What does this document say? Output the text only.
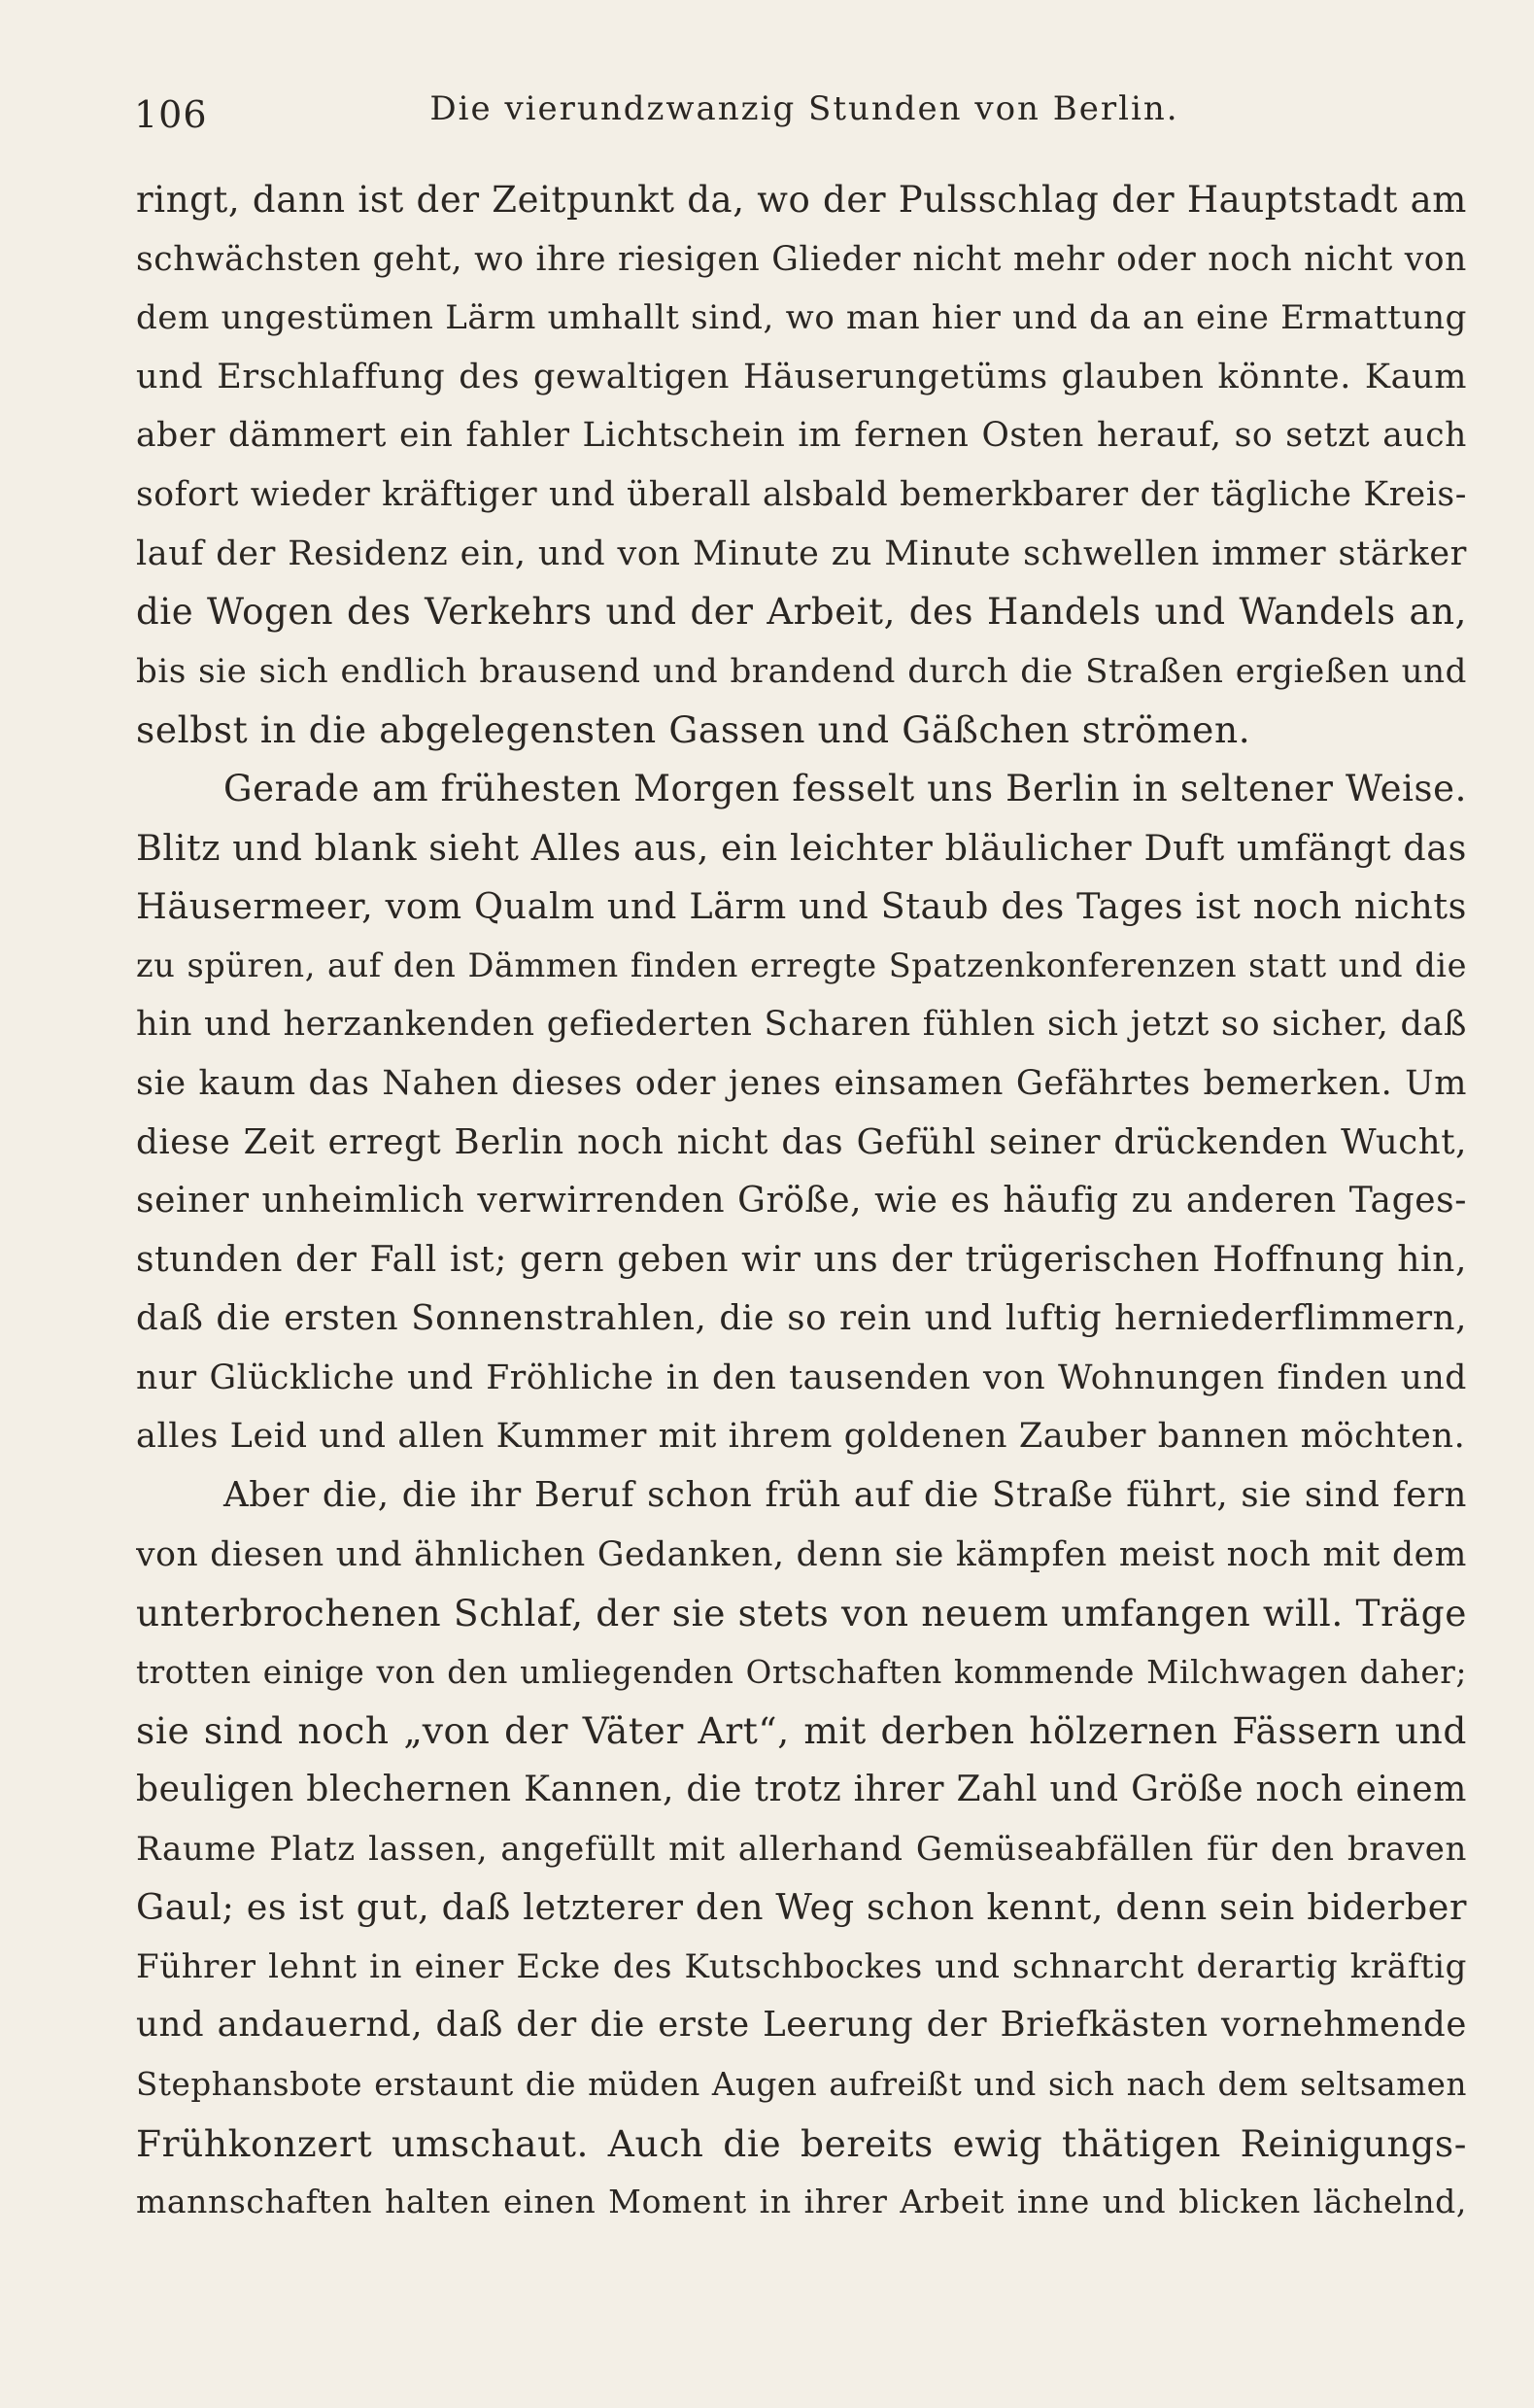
106	Die vierundzwanzig Stunden von Berlin.
ringt, dann ist der Zeitpunkt da, wo der Pulsschlag der Hauptstadt am
schwächsten geht, wo ihre riesigen Glieder nicht mehr oder noch nicht von
dem ungestümen Lärm umhallt sind, wo man hier und da an eine Ermattung
und Erschlaffung des gewaltigen Häuserungetüms glauben könnte. Kaum
aber dämmert ein fahler Lichtschein im fernen Osten herauf, so setzt auch
sofort wieder kräftiger und überall alsbald bemerkbarer der tägliche Kreis-
lauf der Residenz ein, und von Minute zu Minute schwellen immer stärker
die Wogen des Verkehrs und der Arbeit, des Handels und Wandels an,
bis sie sich endlich brausend und brandend durch die Straßen ergießen und
selbst in die abgelegensten Gassen und Gäßchen strömen.
Gerade am frühesten Morgen fesselt uns Berlin in seltener Weise.
Blitz und blank sieht Alles aus, ein leichter bläulicher Duft umfängt das
Häusermeer, vom Qualm und Lärm und Staub des Tages ist noch nichts
zu spüren, auf den Dämmen finden erregte Spatzenkonferenzen statt und die
hin und herzankenden gefiederten Scharen fühlen sich jetzt so sicher, daß
sie kaum das Nahen dieses oder jenes einsamen Gefährtes bemerken. Um
diese Zeit erregt Berlin noch nicht das Gefühl seiner drückenden Wucht,
seiner unheimlich verwirrenden Größe, wie es häufig zu anderen Tages-
stunden der Fall ist; gern geben wir uns der trügerischen Hoffnung hin,
daß die ersten Sonnenstrahlen, die so rein und luftig herniederflimmern,
nur Glückliche und Fröhliche in den tausenden von Wohnungen finden und
alles Leid und allen Kummer mit ihrem goldenen Zauber bannen möchten.
Aber die, die ihr Beruf schon früh auf die Straße führt, sie sind fern
von diesen und ähnlichen Gedanken, denn sie kämpfen meist noch mit dem
unterbrochenen Schlaf, der sie stets von neuem umfangen will. Träge
trotten einige von den umliegenden Ortschaften kommende Milchwagen daher;
sie sind noch „von der Väter Art“, mit derben hölzernen Fässern und
beuligen blechernen Kannen, die trotz ihrer Zahl und Größe noch einem
Raume Platz lassen, angefüllt mit allerhand Gemüseabfällen für den braven
Gaul; es ist gut, daß letzterer den Weg schon kennt, denn sein biderber
Führer lehnt in einer Ecke des Kutschbockes und schnarcht derartig kräftig
und andauernd, daß der die erste Leerung der Briefkästen vornehmende
Stephansbote erstaunt die müden Augen aufreißt und sich nach dem seltsamen
Frühkonzert umschaut. Auch die bereits ewig thätigen Reinigungs-
mannschaften halten einen Moment in ihrer Arbeit inne und blicken lächelnd,
